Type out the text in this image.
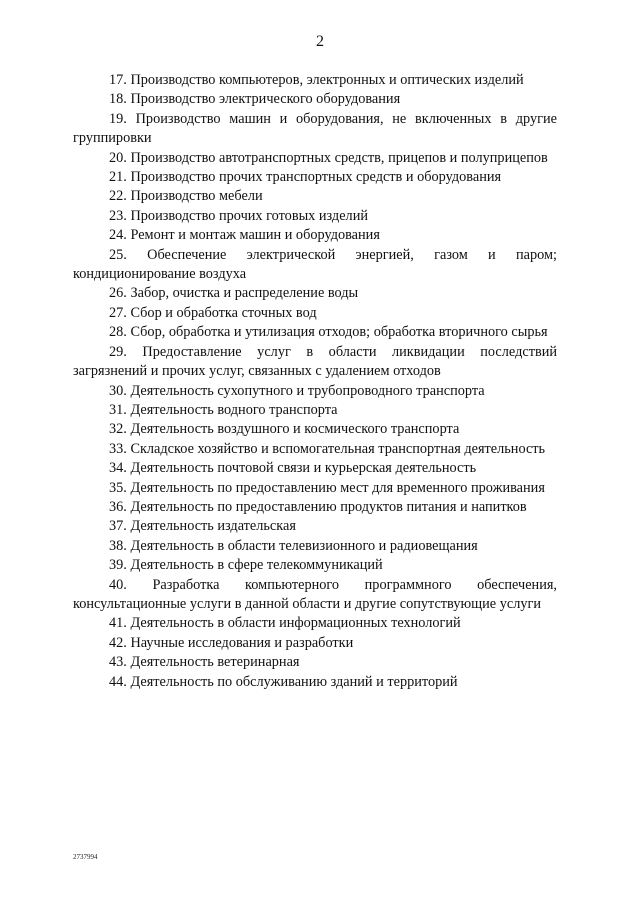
2

17. Производство компьютеров, электронных и оптических изделий

18. Производство электрического оборудования

19. Производство машин и оборудования, не включенных в другие группировки

20. Производство автотранспортных средств, прицепов и полуприцепов

21. Производство прочих транспортных средств и оборудования

22. Производство мебели

23. Производство прочих готовых изделий

24. Ремонт и монтаж машин и оборудования

25. Обеспечение электрической энергией, газом и паром; кондиционирование воздуха

26. Забор, очистка и распределение воды

27. Сбор и обработка сточных вод

28. Сбор, обработка и утилизация отходов; обработка вторичного сырья

29. Предоставление услуг в области ликвидации последствий загрязнений и прочих услуг, связанных с удалением отходов

30. Деятельность сухопутного и трубопроводного транспорта

31. Деятельность водного транспорта

32. Деятельность воздушного и космического транспорта

33. Складское хозяйство и вспомогательная транспортная деятельность

34. Деятельность почтовой связи и курьерская деятельность

35. Деятельность по предоставлению мест для временного проживания

36. Деятельность по предоставлению продуктов питания и напитков

37. Деятельность издательская

38. Деятельность в области телевизионного и радиовещания

39. Деятельность в сфере телекоммуникаций

40. Разработка компьютерного программного обеспечения, консультационные услуги в данной области и другие сопутствующие услуги

41. Деятельность в области информационных технологий

42. Научные исследования и разработки

43. Деятельность ветеринарная

44. Деятельность по обслуживанию зданий и территорий

2737994
